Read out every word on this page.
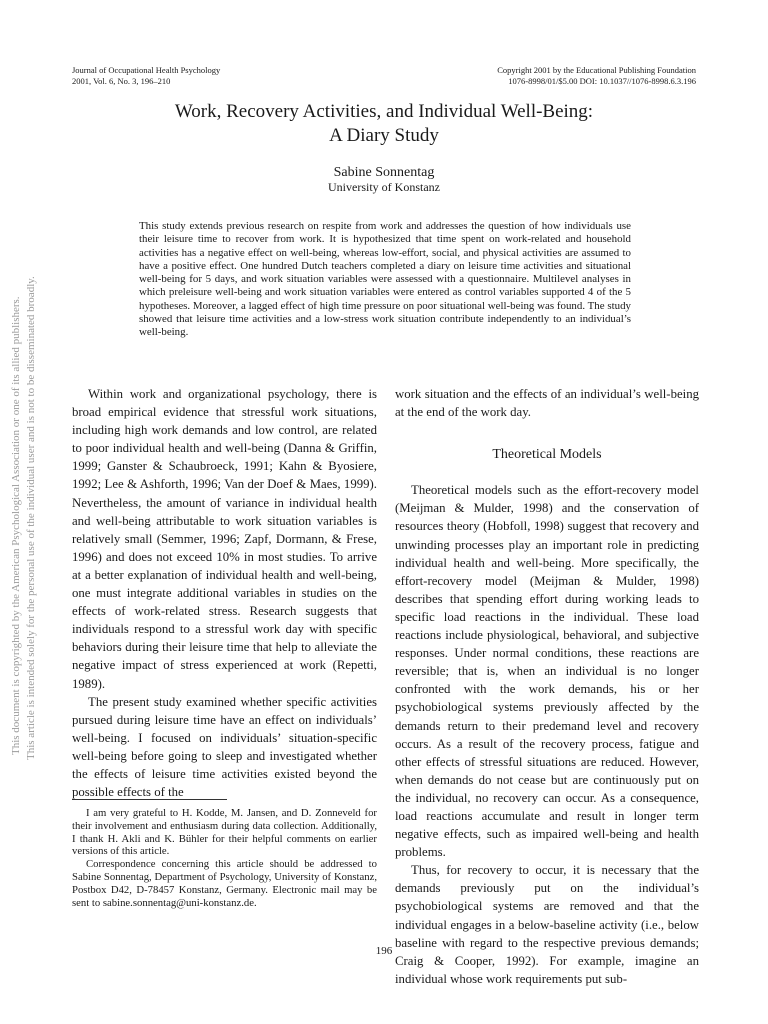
Journal of Occupational Health Psychology
2001, Vol. 6, No. 3, 196–210
Copyright 2001 by the Educational Publishing Foundation
1076-8998/01/$5.00 DOI: 10.1037//1076-8998.6.3.196
Work, Recovery Activities, and Individual Well-Being:
A Diary Study
Sabine Sonnentag
University of Konstanz
This study extends previous research on respite from work and addresses the question of how individuals use their leisure time to recover from work. It is hypothesized that time spent on work-related and household activities has a negative effect on well-being, whereas low-effort, social, and physical activities are assumed to have a positive effect. One hundred Dutch teachers completed a diary on leisure time activities and situational well-being for 5 days, and work situation variables were assessed with a questionnaire. Multilevel analyses in which preleisure well-being and work situation variables were entered as control variables supported 4 of the 5 hypotheses. Moreover, a lagged effect of high time pressure on poor situational well-being was found. The study showed that leisure time activities and a low-stress work situation contribute independently to an individual’s well-being.

Within work and organizational psychology, there is broad empirical evidence that stressful work situations, including high work demands and low control, are related to poor individual health and well-being (Danna & Griffin, 1999; Ganster & Schaubroeck, 1991; Kahn & Byosiere, 1992; Lee & Ashforth, 1996; Van der Doef & Maes, 1999). Nevertheless, the amount of variance in individual health and well-being attributable to work situation variables is relatively small (Semmer, 1996; Zapf, Dormann, & Frese, 1996) and does not exceed 10% in most studies. To arrive at a better explanation of individual health and well-being, one must integrate additional variables in studies on the effects of work-related stress. Research suggests that individuals respond to a stressful work day with specific behaviors during their leisure time that help to alleviate the negative impact of stress experienced at work (Repetti, 1989).

The present study examined whether specific activities pursued during leisure time have an effect on individuals’ well-being. I focused on individuals’ situation-specific well-being before going to sleep and investigated whether the effects of leisure time activities existed beyond the possible effects of the

work situation and the effects of an individual’s well-being at the end of the work day.

Theoretical Models

Theoretical models such as the effort-recovery model (Meijman & Mulder, 1998) and the conservation of resources theory (Hobfoll, 1998) suggest that recovery and unwinding processes play an important role in predicting individual health and well-being. More specifically, the effort-recovery model (Meijman & Mulder, 1998) describes that spending effort during working leads to specific load reactions in the individual. These load reactions include physiological, behavioral, and subjective responses. Under normal conditions, these reactions are reversible; that is, when an individual is no longer confronted with the work demands, his or her psychobiological systems previously affected by the demands return to their predemand level and recovery occurs. As a result of the recovery process, fatigue and other effects of stressful situations are reduced. However, when demands do not cease but are continuously put on the individual, no recovery can occur. As a consequence, load reactions accumulate and result in longer term negative effects, such as impaired well-being and health problems.

Thus, for recovery to occur, it is necessary that the demands previously put on the individual’s psychobiological systems are removed and that the individual engages in a below-baseline activity (i.e., below baseline with regard to the respective previous demands; Craig & Cooper, 1992). For example, imagine an individual whose work requirements put sub-

I am very grateful to H. Kodde, M. Jansen, and D. Zonneveld for their involvement and enthusiasm during data collection. Additionally, I thank H. Akli and K. Bühler for their helpful comments on earlier versions of this article.

Correspondence concerning this article should be addressed to Sabine Sonnentag, Department of Psychology, University of Konstanz, Postbox D42, D-78457 Konstanz, Germany. Electronic mail may be sent to sabine.sonnentag@uni-konstanz.de.

196
This document is copyrighted by the American Psychological Association or one of its allied publishers. This article is intended solely for the personal use of the individual user and is not to be disseminated broadly.
